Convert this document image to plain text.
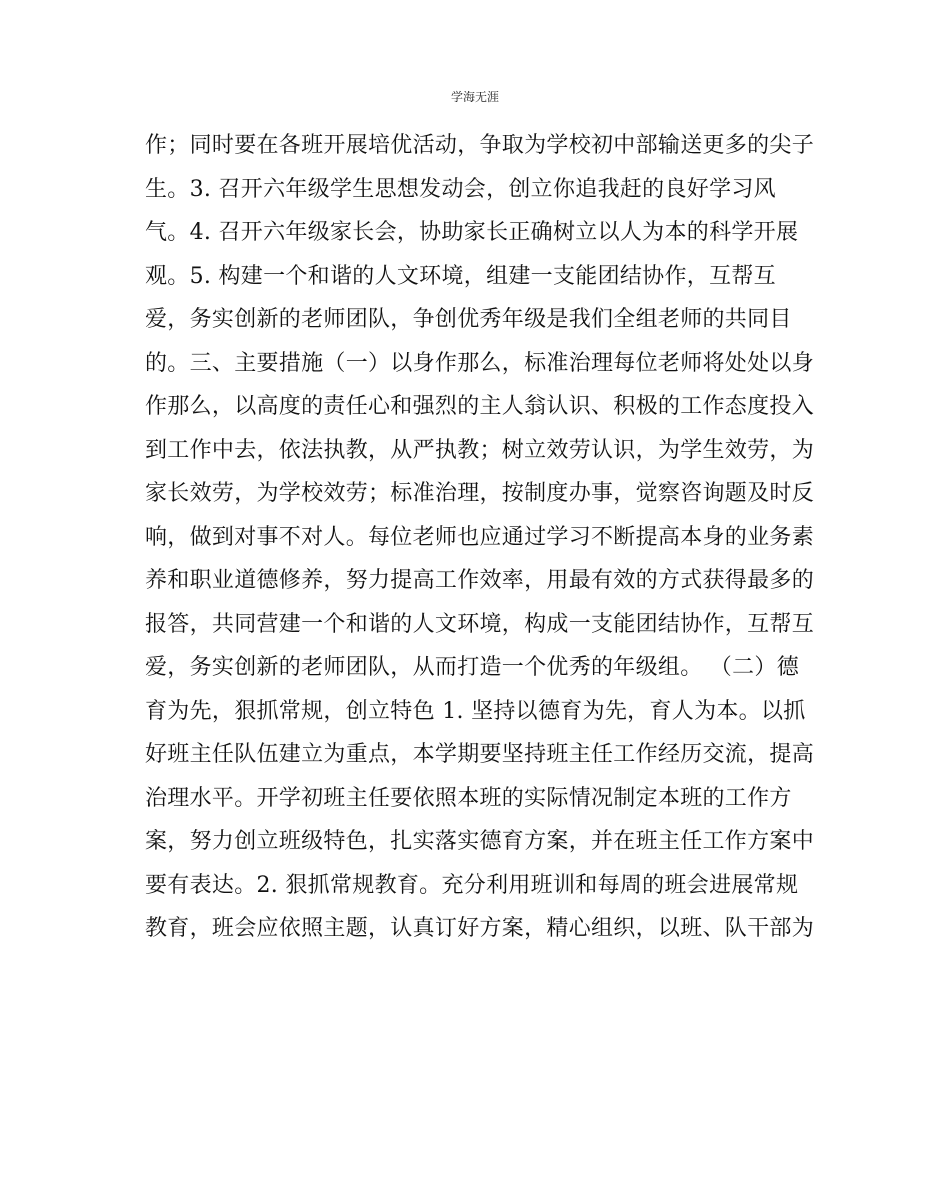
学海无涯
作；同时要在各班开展培优活动，争取为学校初中部输送更多的尖子
生。3. 召开六年级学生思想发动会，创立你追我赶的良好学习风
气。4. 召开六年级家长会，协助家长正确树立以人为本的科学开展
观。5. 构建一个和谐的人文环境，组建一支能团结协作，互帮互
爱，务实创新的老师团队，争创优秀年级是我们全组老师的共同目
的。三、主要措施（一）以身作那么，标准治理每位老师将处处以身
作那么，以高度的责任心和强烈的主人翁认识、积极的工作态度投入
到工作中去，依法执教，从严执教；树立效劳认识，为学生效劳，为
家长效劳，为学校效劳；标准治理，按制度办事，觉察咨询题及时反
响，做到对事不对人。每位老师也应通过学习不断提高本身的业务素
养和职业道德修养，努力提高工作效率，用最有效的方式获得最多的
报答，共同营建一个和谐的人文环境，构成一支能团结协作，互帮互
爱，务实创新的老师团队，从而打造一个优秀的年级组。 （二）德
育为先，狠抓常规，创立特色 1. 坚持以德育为先，育人为本。以抓
好班主任队伍建立为重点，本学期要坚持班主任工作经历交流，提高
治理水平。开学初班主任要依照本班的实际情况制定本班的工作方
案，努力创立班级特色，扎实落实德育方案，并在班主任工作方案中
要有表达。2. 狠抓常规教育。充分利用班训和每周的班会进展常规
教育，班会应依照主题，认真订好方案，精心组织，以班、队干部为
